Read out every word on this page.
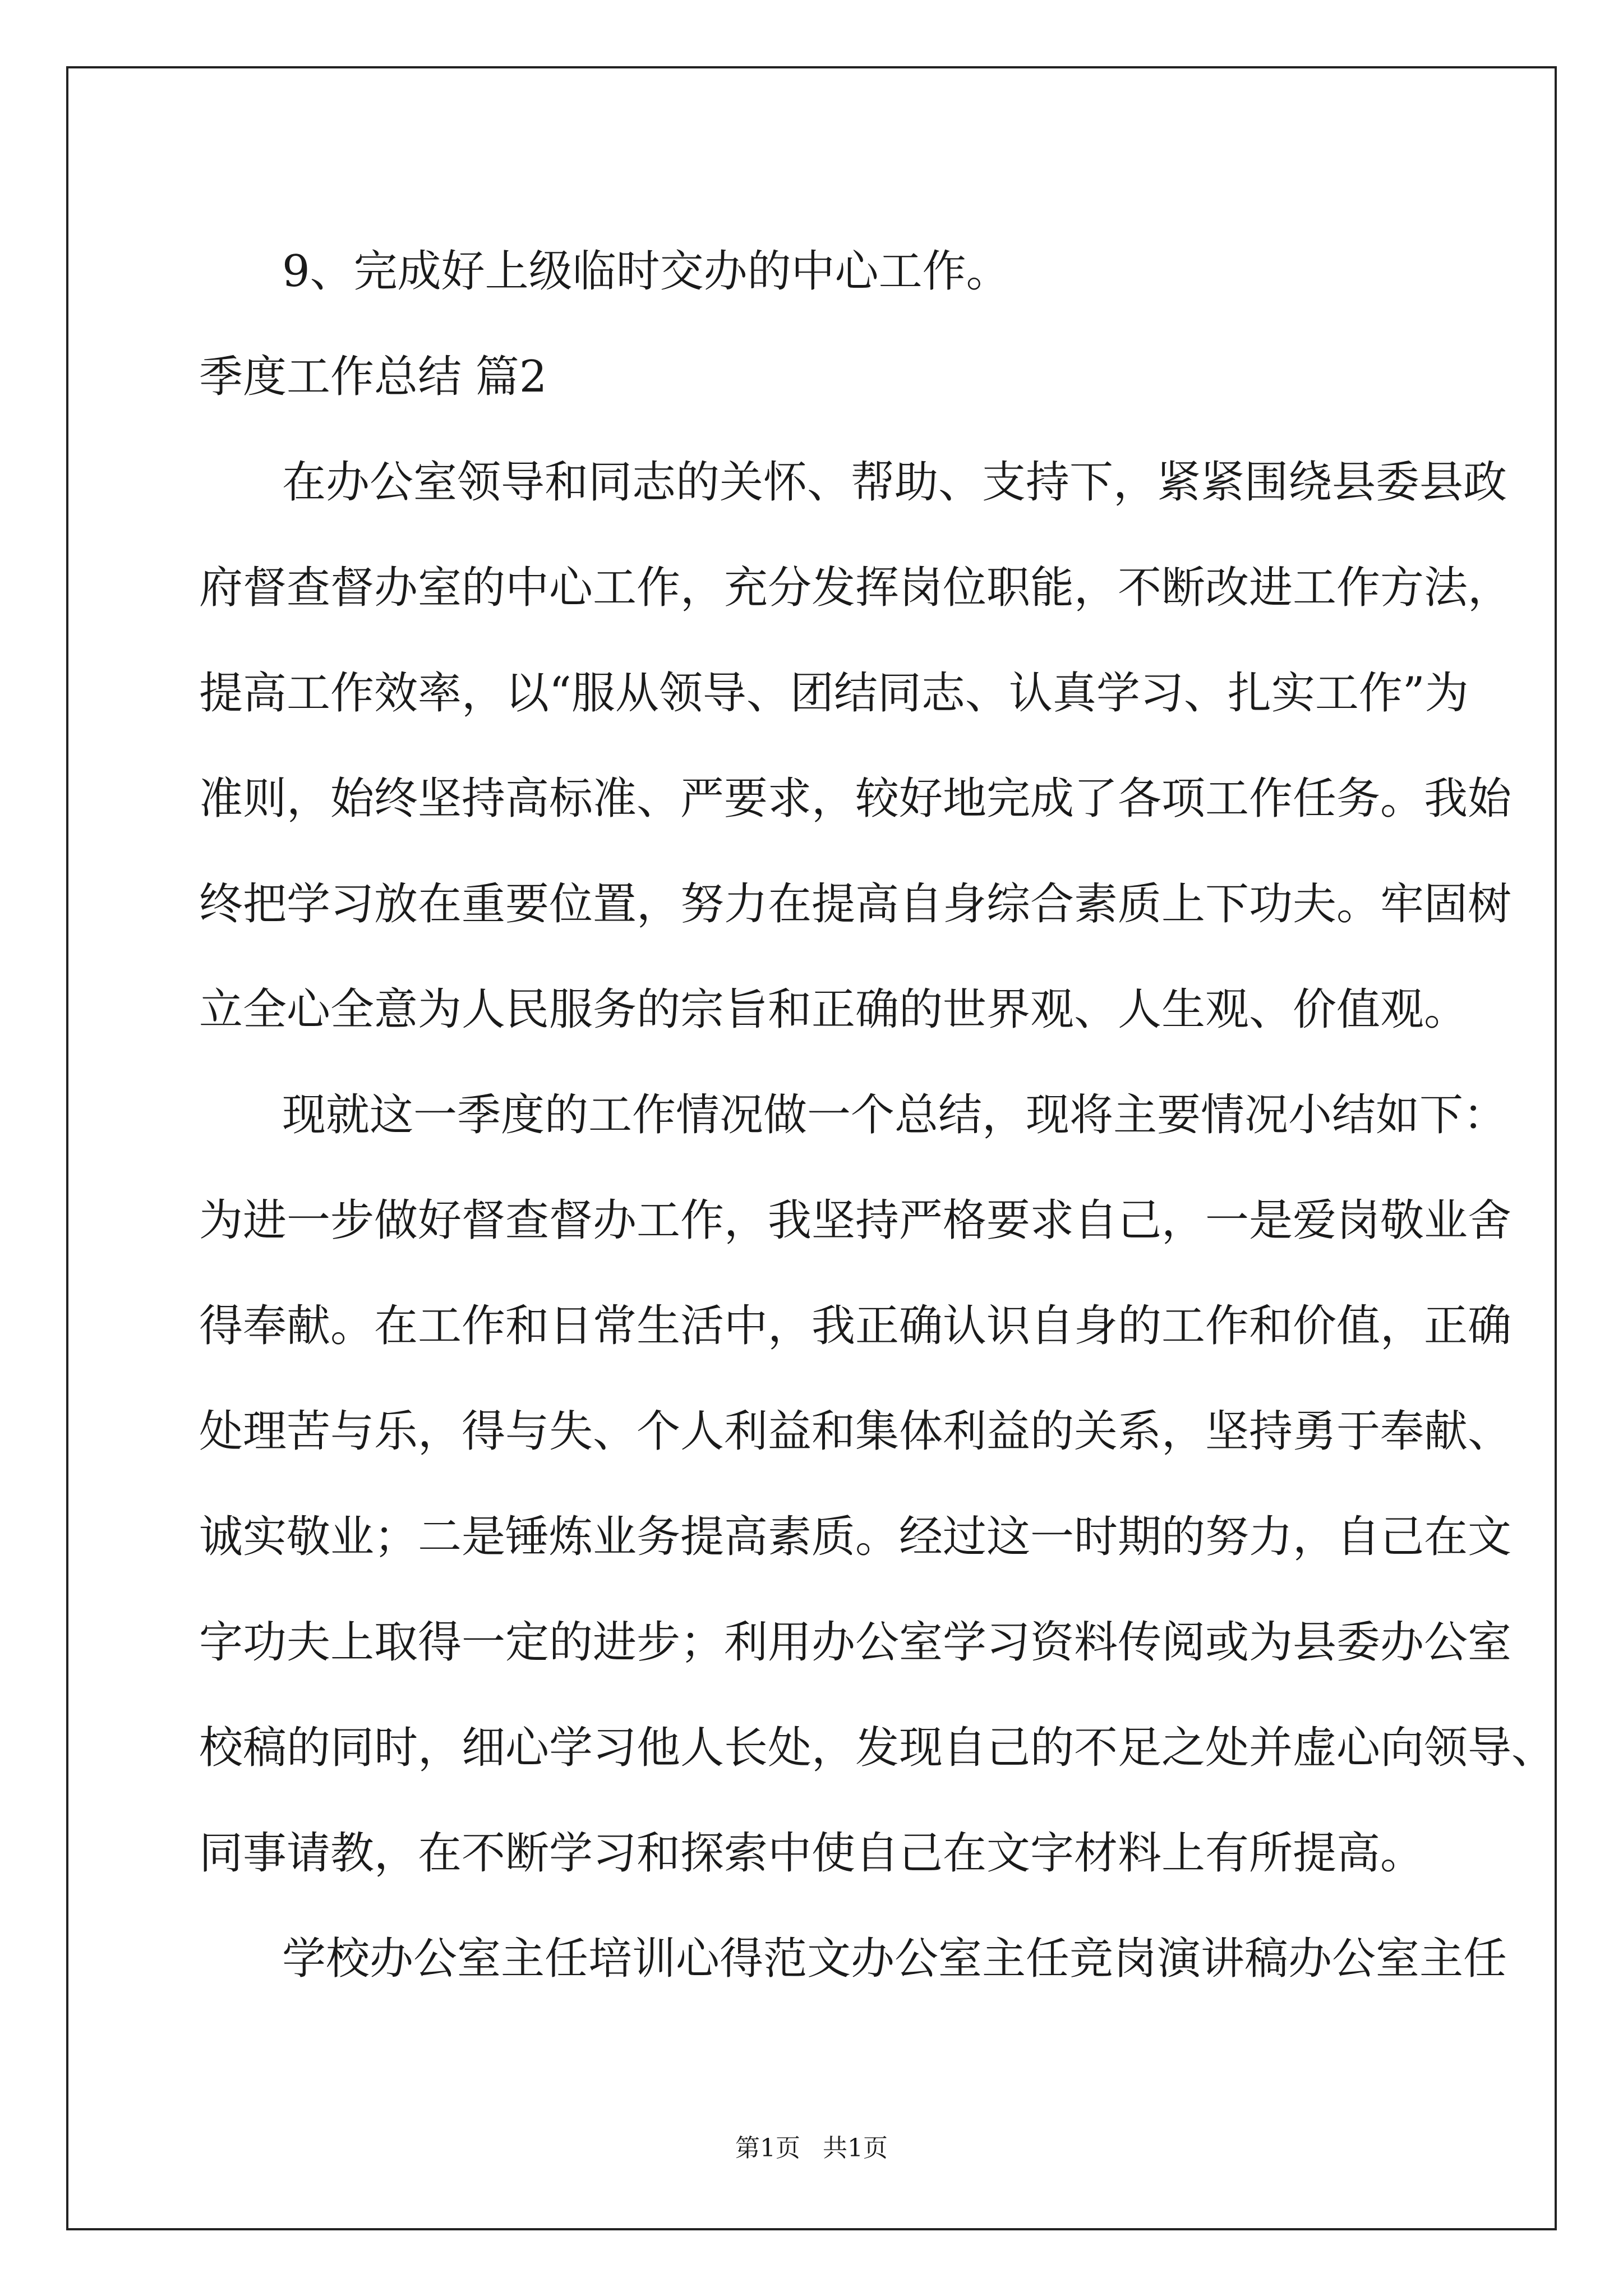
9、完成好上级临时交办的中心工作。
季度工作总结 篇2
在办公室领导和同志的关怀、帮助、支持下，紧紧围绕县委县政
府督查督办室的中心工作，充分发挥岗位职能，不断改进工作方法，
提高工作效率，以“服从领导、团结同志、认真学习、扎实工作”为
准则，始终坚持高标准、严要求，较好地完成了各项工作任务。我始
终把学习放在重要位置，努力在提高自身综合素质上下功夫。牢固树
立全心全意为人民服务的宗旨和正确的世界观、人生观、价值观。
现就这一季度的工作情况做一个总结，现将主要情况小结如下：
为进一步做好督查督办工作，我坚持严格要求自己，一是爱岗敬业舍
得奉献。在工作和日常生活中，我正确认识自身的工作和价值，正确
处理苦与乐，得与失、个人利益和集体利益的关系，坚持勇于奉献、
诚实敬业；二是锤炼业务提高素质。经过这一时期的努力，自己在文
字功夫上取得一定的进步；利用办公室学习资料传阅或为县委办公室
校稿的同时，细心学习他人长处，发现自己的不足之处并虚心向领导、
同事请教，在不断学习和探索中使自己在文字材料上有所提高。
学校办公室主任培训心得范文办公室主任竞岗演讲稿办公室主任
第1页 共1页
